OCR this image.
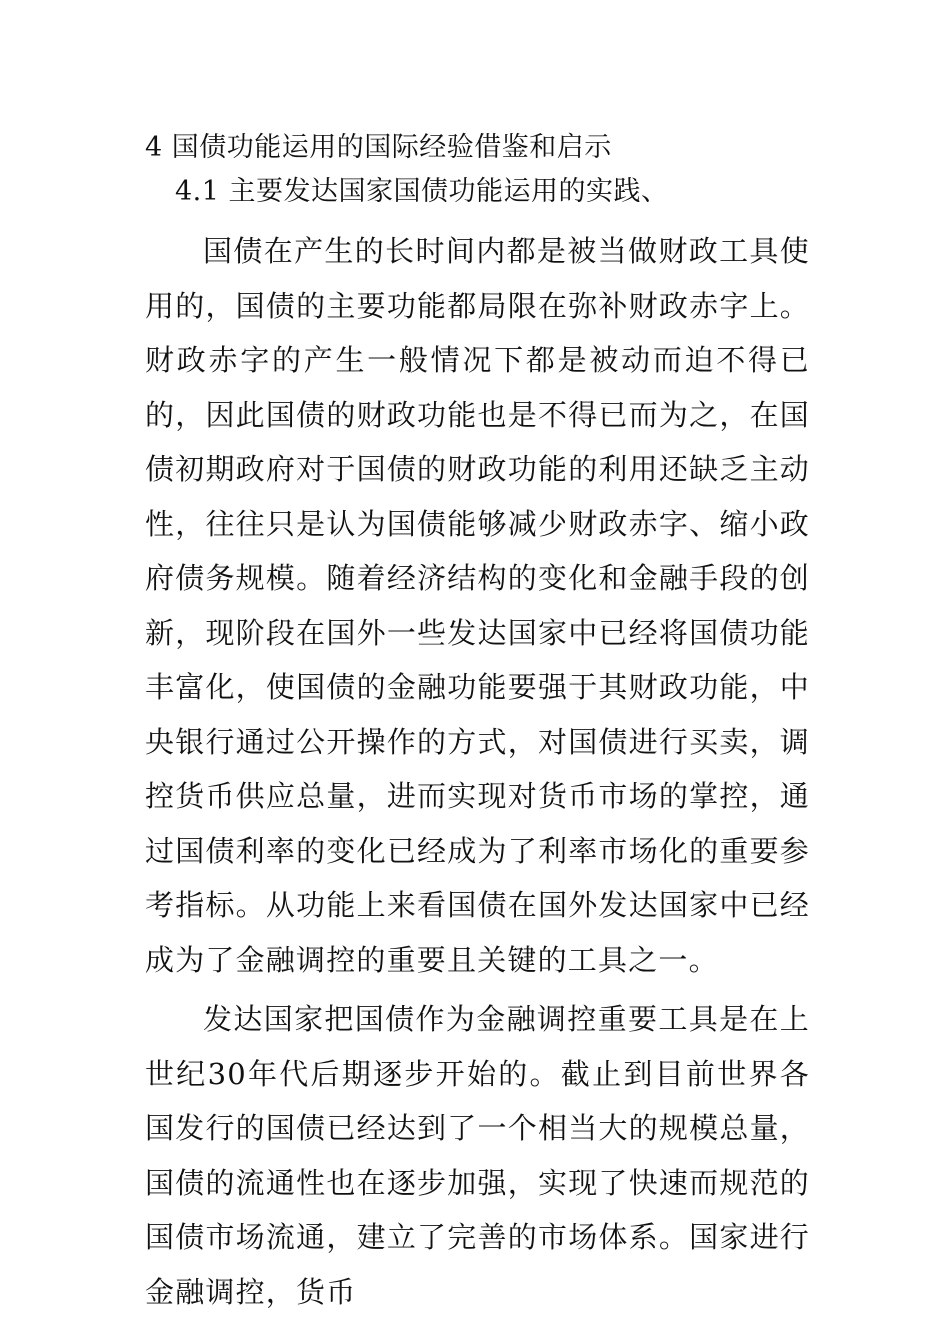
4 国债功能运用的国际经验借鉴和启示
4.1 主要发达国家国债功能运用的实践、

国债在产生的长时间内都是被当做财政工具使用的，国债的主要功能都局限在弥补财政赤字上。财政赤字的产生一般情况下都是被动而迫不得已的，因此国债的财政功能也是不得已而为之，在国债初期政府对于国债的财政功能的利用还缺乏主动性，往往只是认为国债能够减少财政赤字、缩小政府债务规模。随着经济结构的变化和金融手段的创新，现阶段在国外一些发达国家中已经将国债功能丰富化，使国债的金融功能要强于其财政功能，中央银行通过公开操作的方式，对国债进行买卖，调控货币供应总量，进而实现对货币市场的掌控，通过国债利率的变化已经成为了利率市场化的重要参考指标。从功能上来看国债在国外发达国家中已经成为了金融调控的重要且关键的工具之一。

发达国家把国债作为金融调控重要工具是在上世纪30年代后期逐步开始的。截止到目前世界各国发行的国债已经达到了一个相当大的规模总量，国债的流通性也在逐步加强，实现了快速而规范的国债市场流通，建立了完善的市场体系。国家进行金融调控，货币
